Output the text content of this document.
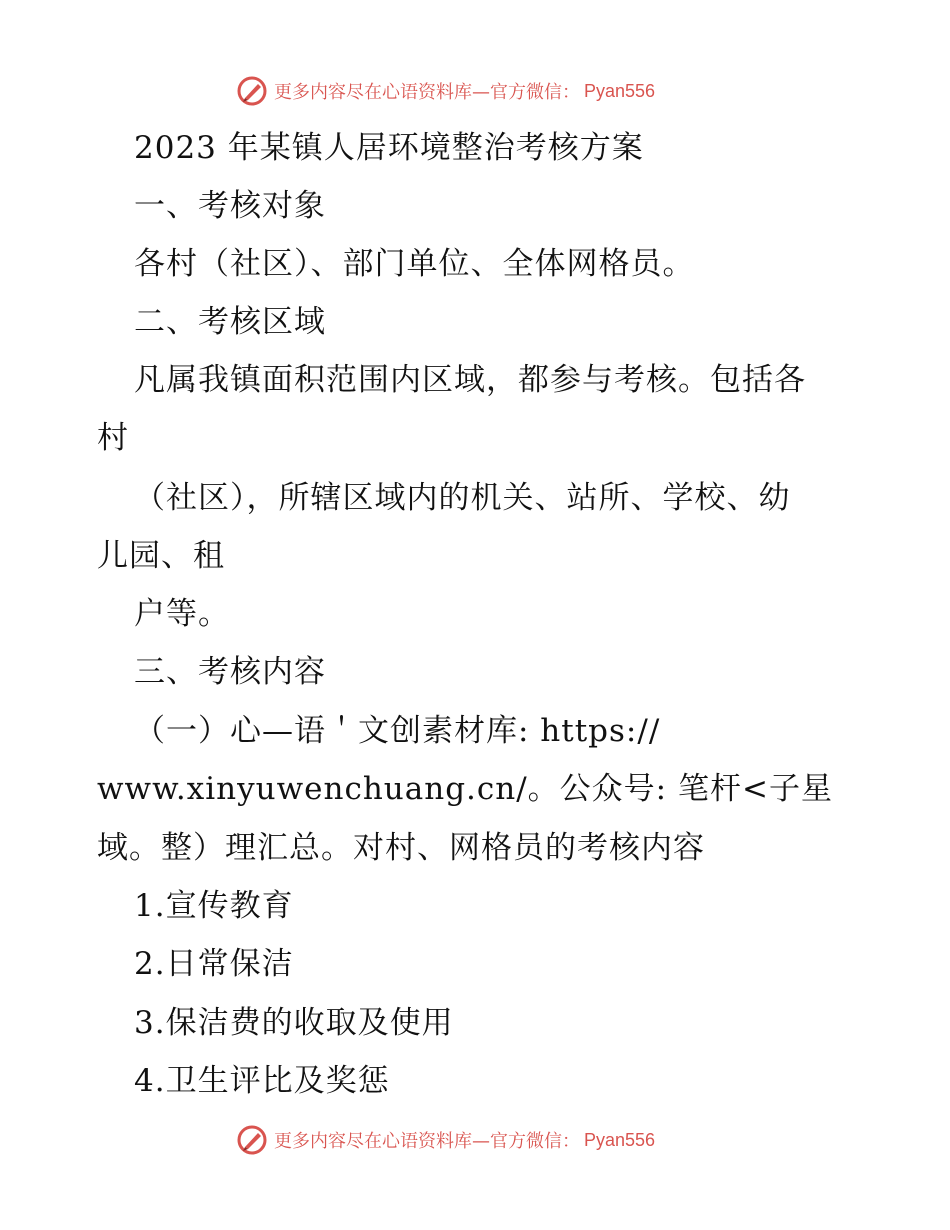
更多内容尽在心语资料库—官方微信： Pyan556
2023 年某镇人居环境整治考核方案
一、考核对象
各村（社区）、部门单位、全体网格员。
二、考核区域
凡属我镇面积范围内区域，都参与考核。包括各
村
（社区），所辖区域内的机关、站所、学校、幼
儿园、租
户等。
三、考核内容
（一）心—语＇文创素材库: https://
www.xinyuwenchuang.cn/。公众号: 笔杆<子星
域。整）理汇总。对村、网格员的考核内容
1.宣传教育
2.日常保洁
3.保洁费的收取及使用
4.卫生评比及奖惩
更多内容尽在心语资料库—官方微信： Pyan556
